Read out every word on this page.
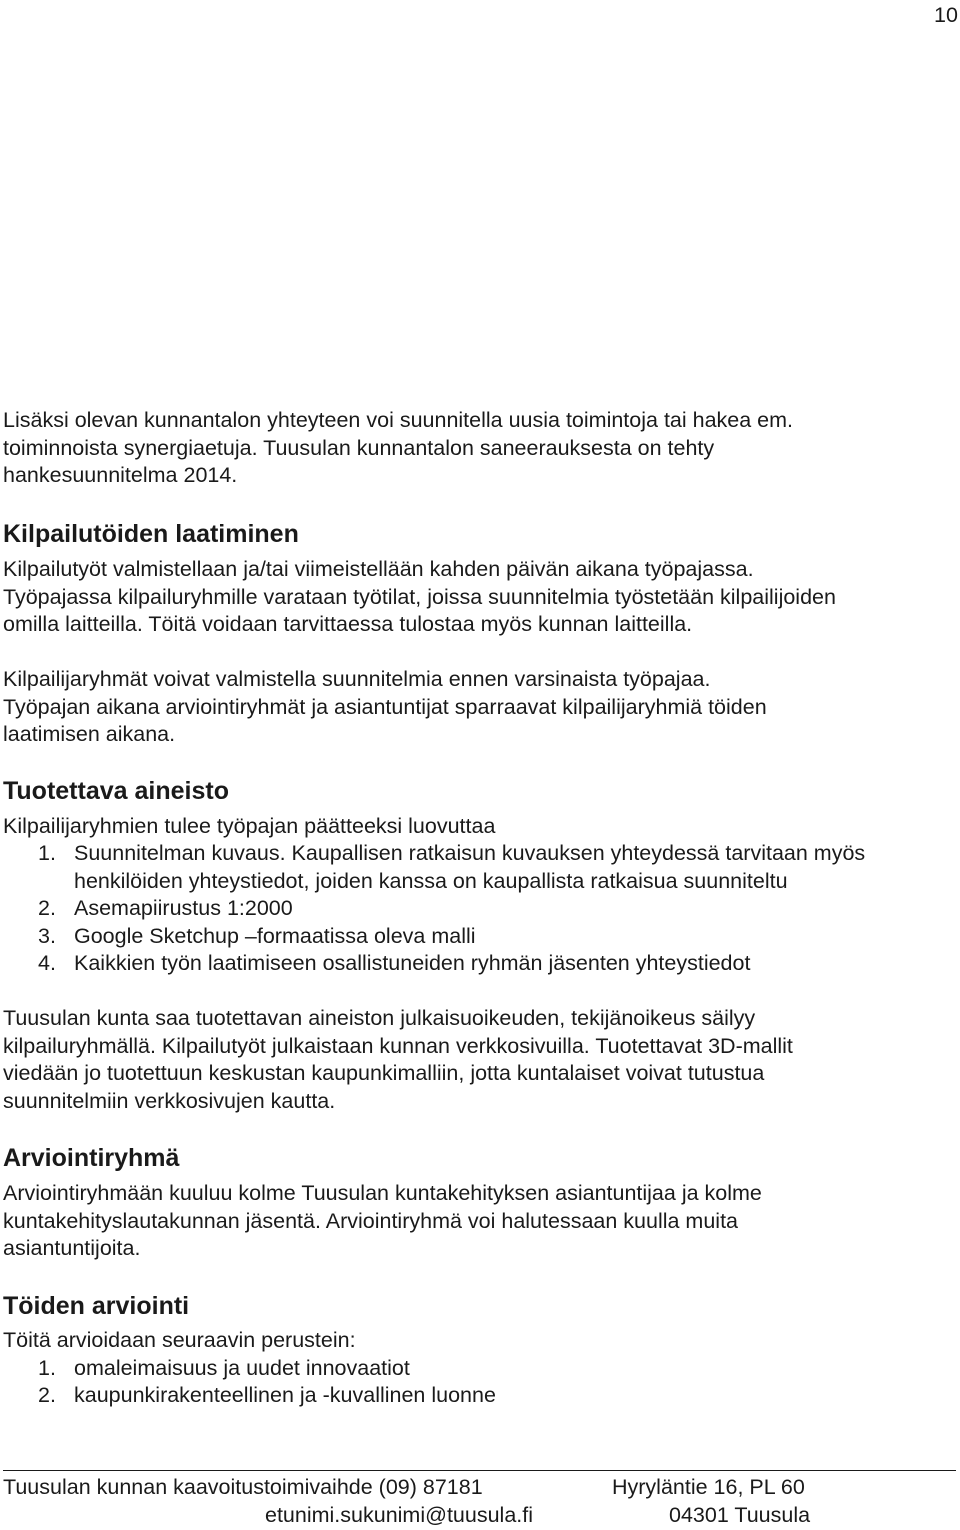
10
Lisäksi olevan kunnantalon yhteyteen voi suunnitella uusia toimintoja tai hakea em.
toiminnoista synergiaetuja. Tuusulan kunnantalon saneerauksesta on tehty
hankesuunnitelma 2014.
Kilpailutöiden laatiminen
Kilpailutyöt valmistellaan ja/tai viimeistellään kahden päivän aikana työpajassa.
Työpajassa kilpailuryhmille varataan työtilat, joissa suunnitelmia työstetään kilpailijoiden
omilla laitteilla. Töitä voidaan tarvittaessa tulostaa myös kunnan laitteilla.
Kilpailijaryhmät voivat valmistella suunnitelmia ennen varsinaista työpajaa.
Työpajan aikana arviointiryhmät ja asiantuntijat sparraavat kilpailijaryhmiä töiden
laatimisen aikana.
Tuotettava aineisto
Kilpailijaryhmien tulee työpajan päätteeksi luovuttaa
1. Suunnitelman kuvaus. Kaupallisen ratkaisun kuvauksen yhteydessä tarvitaan myös
henkilöiden yhteystiedot, joiden kanssa on kaupallista ratkaisua suunniteltu
2. Asemapiirustus 1:2000
3. Google Sketchup –formaatissa oleva malli
4. Kaikkien työn laatimiseen osallistuneiden ryhmän jäsenten yhteystiedot
Tuusulan kunta saa tuotettavan aineiston julkaisuoikeuden, tekijänoikeus säilyy
kilpailuryhmällä. Kilpailutyöt julkaistaan kunnan verkkosivuilla. Tuotettavat 3D-mallit
viedään jo tuotettuun keskustan kaupunkimalliin, jotta kuntalaiset voivat tutustua
suunnitelmiin verkkosivujen kautta.
Arviointiryhmä
Arviointiryhmään kuuluu kolme Tuusulan kuntakehityksen asiantuntijaa ja kolme
kuntakehityslautakunnan jäsentä. Arviointiryhmä voi halutessaan kuulla muita
asiantuntijoita.
Töiden arviointi
Töitä arvioidaan seuraavin perustein:
1. omaleimaisuus ja uudet innovaatiot
2. kaupunkirakenteellinen ja -kuvallinen luonne
Tuusulan kunnan kaavoitustoimivaihde (09) 87181
etunimi.sukunimi@tuusula.fi
Hyryläntie 16, PL 60
04301 Tuusula
